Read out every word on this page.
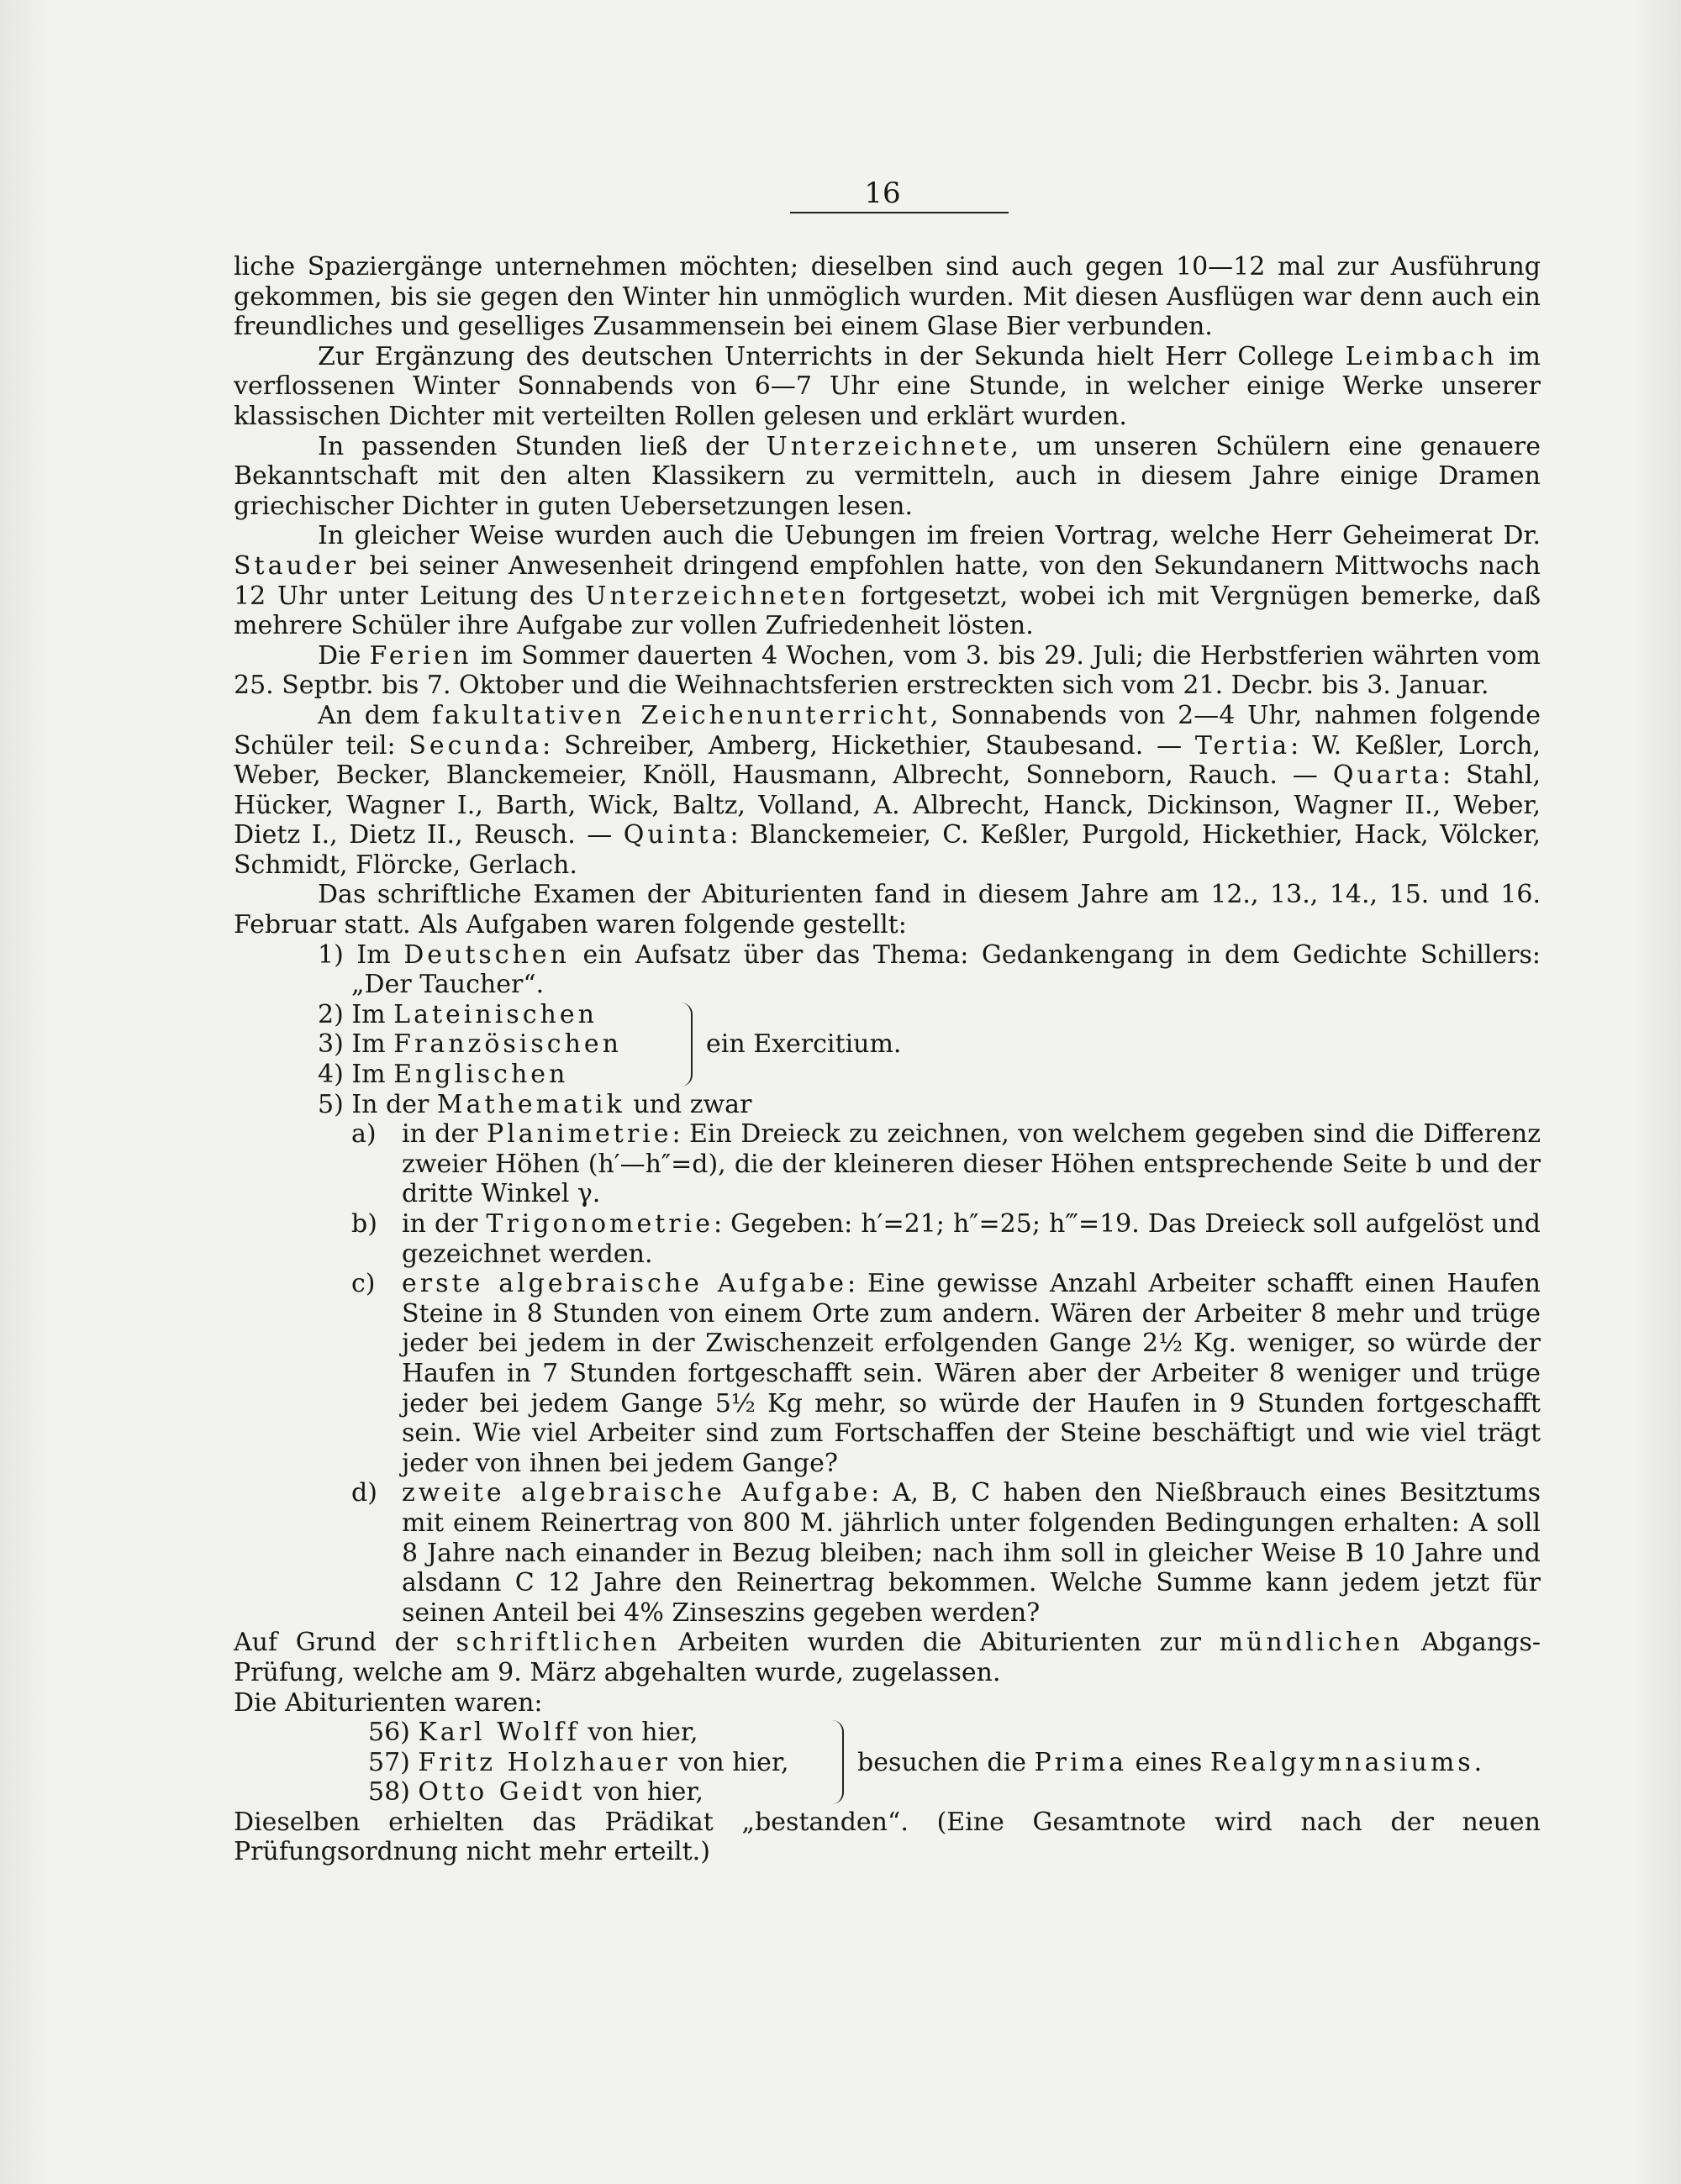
16

liche Spaziergänge unternehmen möchten; dieselben sind auch gegen 10—12 mal zur Ausführung gekommen, bis sie gegen den Winter hin unmöglich wurden. Mit diesen Ausflügen war denn auch ein freundliches und geselliges Zusammensein bei einem Glase Bier verbunden.

Zur Ergänzung des deutschen Unterrichts in der Sekunda hielt Herr College Leimbach im verflossenen Winter Sonnabends von 6—7 Uhr eine Stunde, in welcher einige Werke unserer klassischen Dichter mit verteilten Rollen gelesen und erklärt wurden.

In passenden Stunden ließ der Unterzeichnete, um unseren Schülern eine genauere Bekanntschaft mit den alten Klassikern zu vermitteln, auch in diesem Jahre einige Dramen griechischer Dichter in guten Uebersetzungen lesen.

In gleicher Weise wurden auch die Uebungen im freien Vortrag, welche Herr Geheimerat Dr. Stauder bei seiner Anwesenheit dringend empfohlen hatte, von den Sekundanern Mittwochs nach 12 Uhr unter Leitung des Unterzeichneten fortgesetzt, wobei ich mit Vergnügen bemerke, daß mehrere Schüler ihre Aufgabe zur vollen Zufriedenheit lösten.

Die Ferien im Sommer dauerten 4 Wochen, vom 3. bis 29. Juli; die Herbstferien währten vom 25. Septbr. bis 7. Oktober und die Weihnachtsferien erstreckten sich vom 21. Decbr. bis 3. Januar.

An dem fakultativen Zeichenunterricht, Sonnabends von 2—4 Uhr, nahmen folgende Schüler teil: Secunda: Schreiber, Amberg, Hickethier, Staubesand. — Tertia: W. Keßler, Lorch, Weber, Becker, Blanckemeier, Knöll, Hausmann, Albrecht, Sonneborn, Rauch. — Quarta: Stahl, Hücker, Wagner I., Barth, Wick, Baltz, Volland, A. Albrecht, Hanck, Dickinson, Wagner II., Weber, Dietz I., Dietz II., Reusch. — Quinta: Blanckemeier, C. Keßler, Purgold, Hickethier, Hack, Völcker, Schmidt, Flörcke, Gerlach.

Das schriftliche Examen der Abiturienten fand in diesem Jahre am 12., 13., 14., 15. und 16. Februar statt. Als Aufgaben waren folgende gestellt:

1) Im Deutschen ein Aufsatz über das Thema: Gedankengang in dem Gedichte Schillers: „Der Taucher“.
2) Im Lateinischen
3) Im Französischen
4) Im Englischen
ein Exercitium.
5) In der Mathematik und zwar
a) in der Planimetrie: Ein Dreieck zu zeichnen, von welchem gegeben sind die Differenz zweier Höhen (h′—h″=d), die der kleineren dieser Höhen entsprechende Seite b und der dritte Winkel γ.
b) in der Trigonometrie: Gegeben: h′=21; h″=25; h‴=19. Das Dreieck soll aufgelöst und gezeichnet werden.
c) erste algebraische Aufgabe: Eine gewisse Anzahl Arbeiter schafft einen Haufen Steine in 8 Stunden von einem Orte zum andern. Wären der Arbeiter 8 mehr und trüge jeder bei jedem in der Zwischenzeit erfolgenden Gange 2½ Kg. weniger, so würde der Haufen in 7 Stunden fortgeschafft sein. Wären aber der Arbeiter 8 weniger und trüge jeder bei jedem Gange 5½ Kg mehr, so würde der Haufen in 9 Stunden fortgeschafft sein. Wie viel Arbeiter sind zum Fortschaffen der Steine beschäftigt und wie viel trägt jeder von ihnen bei jedem Gange?
d) zweite algebraische Aufgabe: A, B, C haben den Nießbrauch eines Besitztums mit einem Reinertrag von 800 M. jährlich unter folgenden Bedingungen erhalten: A soll 8 Jahre nach einander in Bezug bleiben; nach ihm soll in gleicher Weise B 10 Jahre und alsdann C 12 Jahre den Reinertrag bekommen. Welche Summe kann jedem jetzt für seinen Anteil bei 4% Zinseszins gegeben werden?

Auf Grund der schriftlichen Arbeiten wurden die Abiturienten zur mündlichen Abgangs-Prüfung, welche am 9. März abgehalten wurde, zugelassen.

Die Abiturienten waren:

56) Karl Wolff von hier,
57) Fritz Holzhauer von hier,
58) Otto Geidt von hier,
besuchen die Prima eines Realgymnasiums.

Dieselben erhielten das Prädikat „bestanden“. (Eine Gesamtnote wird nach der neuen Prüfungsordnung nicht mehr erteilt.)
